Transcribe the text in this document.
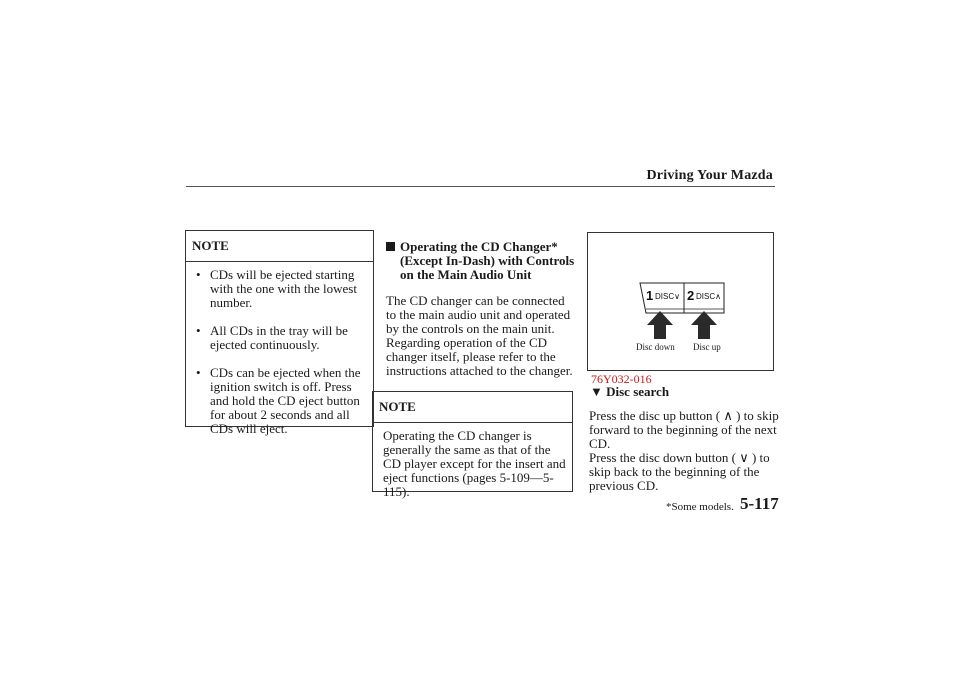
Driving Your Mazda
NOTE
• CDs will be ejected starting with the one with the lowest number.
• All CDs in the tray will be ejected continuously.
• CDs can be ejected when the ignition switch is off. Press and hold the CD eject button for about 2 seconds and all CDs will eject.
Operating the CD Changer* (Except In-Dash) with Controls on the Main Audio Unit
The CD changer can be connected to the main audio unit and operated by the controls on the main unit. Regarding operation of the CD changer itself, please refer to the instructions attached to the changer.
NOTE
Operating the CD changer is generally the same as that of the CD player except for the insert and eject functions (pages 5-109—5-115).
1 DISC∨ 2 DISC∧
Disc down Disc up
76Y032-016
▼ Disc search
Press the disc up button ( ∧ ) to skip forward to the beginning of the next CD.
Press the disc down button ( ∨ ) to skip back to the beginning of the previous CD.
*Some models. 5-117
